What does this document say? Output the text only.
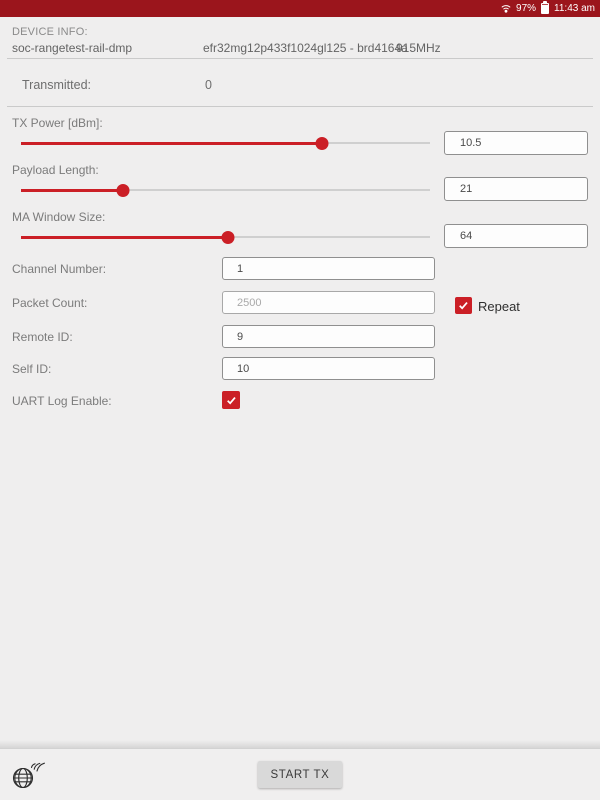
97% 11:43 am
DEVICE INFO:
soc-rangetest-rail-dmp	efr32mg12p433f1024gl125 - brd4164a
915MHz
Transmitted:	0
TX Power [dBm]:
10.5
Payload Length:
21
MA Window Size:
64
Channel Number:
1
Packet Count:
2500	Repeat
Remote ID:
9
Self ID:
10
UART Log Enable:
START TX
